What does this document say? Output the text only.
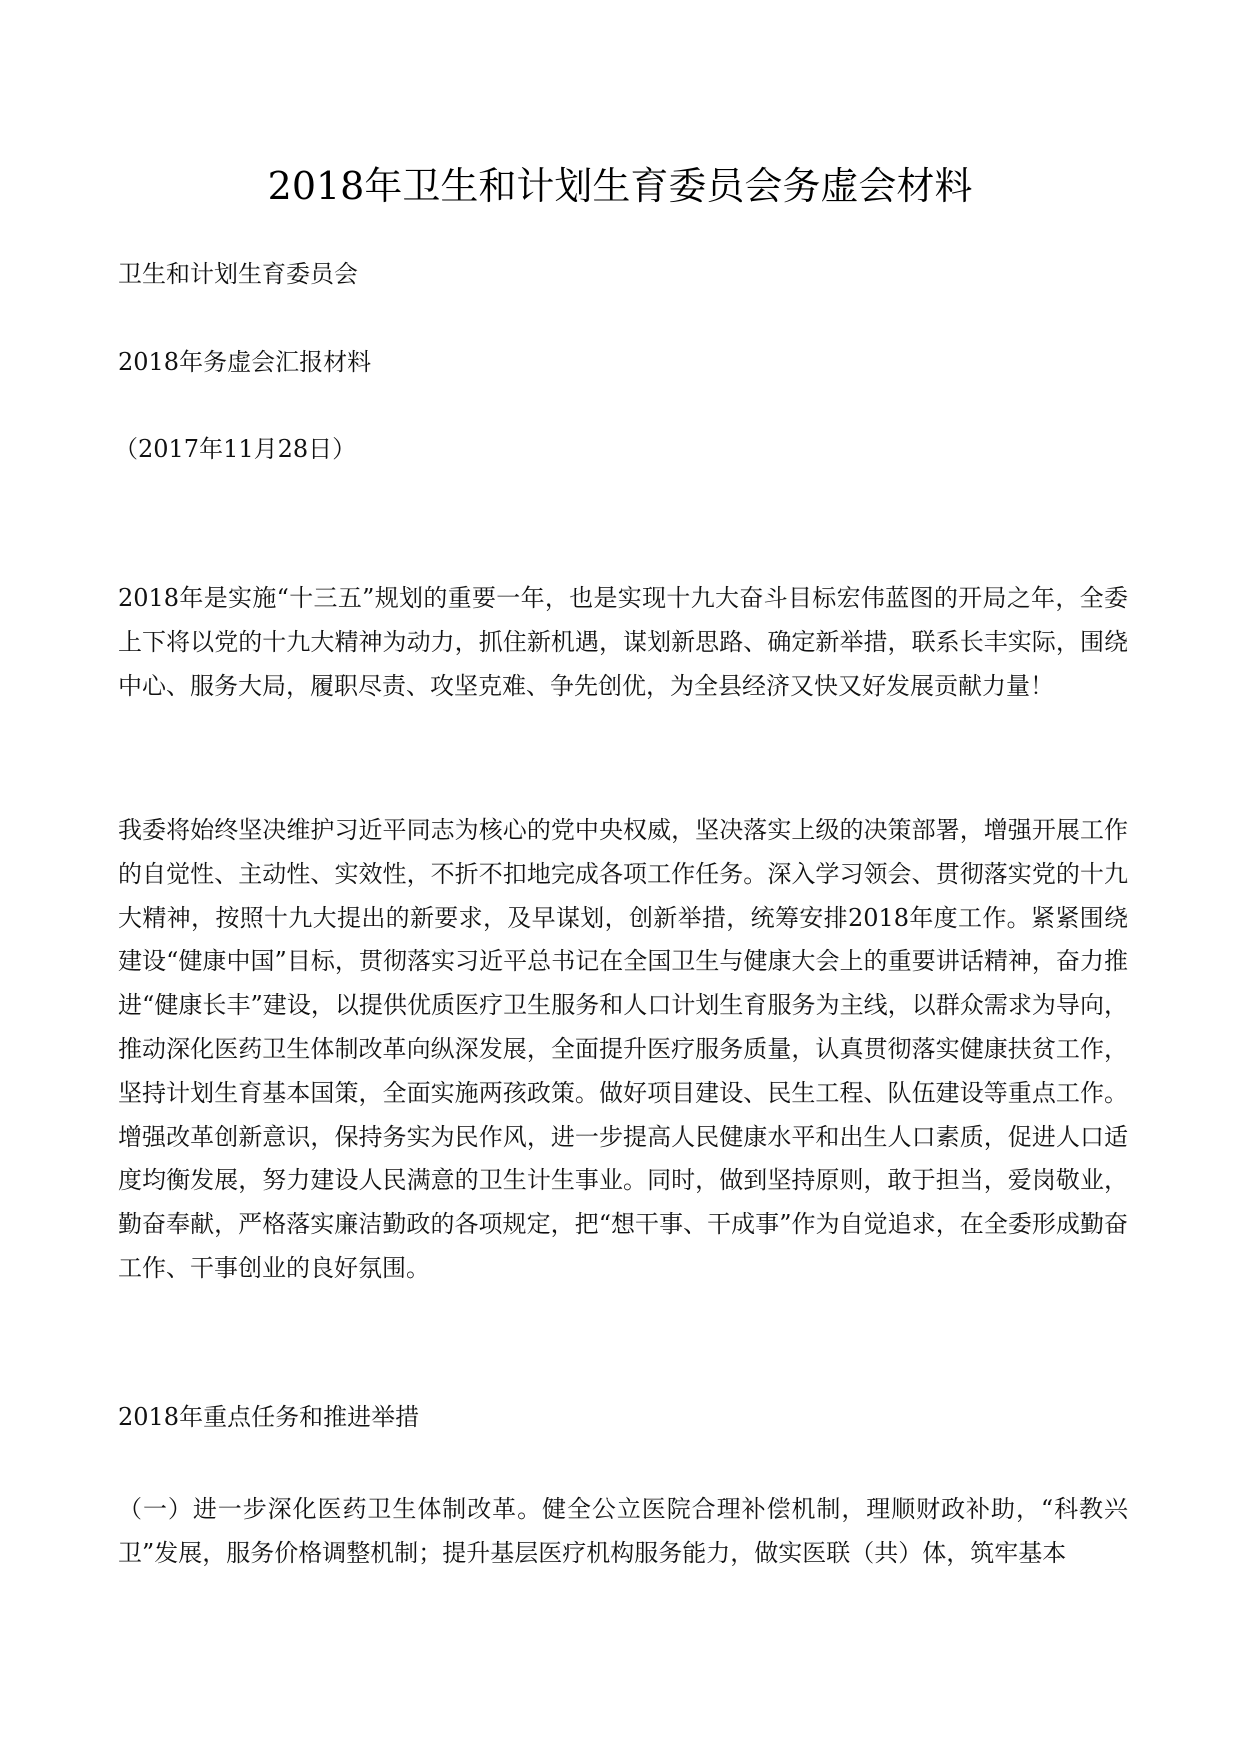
2018年卫生和计划生育委员会务虚会材料
卫生和计划生育委员会
2018年务虚会汇报材料
（2017年11月28日）
2018年是实施“十三五”规划的重要一年，也是实现十九大奋斗目标宏伟蓝图的开局之年，全委上下将以党的十九大精神为动力，抓住新机遇，谋划新思路、确定新举措，联系长丰实际，围绕中心、服务大局，履职尽责、攻坚克难、争先创优，为全县经济又快又好发展贡献力量！
我委将始终坚决维护习近平同志为核心的党中央权威，坚决落实上级的决策部署，增强开展工作的自觉性、主动性、实效性，不折不扣地完成各项工作任务。深入学习领会、贯彻落实党的十九大精神，按照十九大提出的新要求，及早谋划，创新举措，统筹安排2018年度工作。紧紧围绕建设“健康中国”目标，贯彻落实习近平总书记在全国卫生与健康大会上的重要讲话精神，奋力推进“健康长丰”建设，以提供优质医疗卫生服务和人口计划生育服务为主线，以群众需求为导向，推动深化医药卫生体制改革向纵深发展，全面提升医疗服务质量，认真贯彻落实健康扶贫工作，坚持计划生育基本国策，全面实施两孩政策。做好项目建设、民生工程、队伍建设等重点工作。增强改革创新意识，保持务实为民作风，进一步提高人民健康水平和出生人口素质，促进人口适度均衡发展，努力建设人民满意的卫生计生事业。同时，做到坚持原则，敢于担当，爱岗敬业，勤奋奉献，严格落实廉洁勤政的各项规定，把“想干事、干成事”作为自觉追求，在全委形成勤奋工作、干事创业的良好氛围。
2018年重点任务和推进举措
（一）进一步深化医药卫生体制改革。健全公立医院合理补偿机制，理顺财政补助，“科教兴卫”发展，服务价格调整机制；提升基层医疗机构服务能力，做实医联（共）体，筑牢基本
